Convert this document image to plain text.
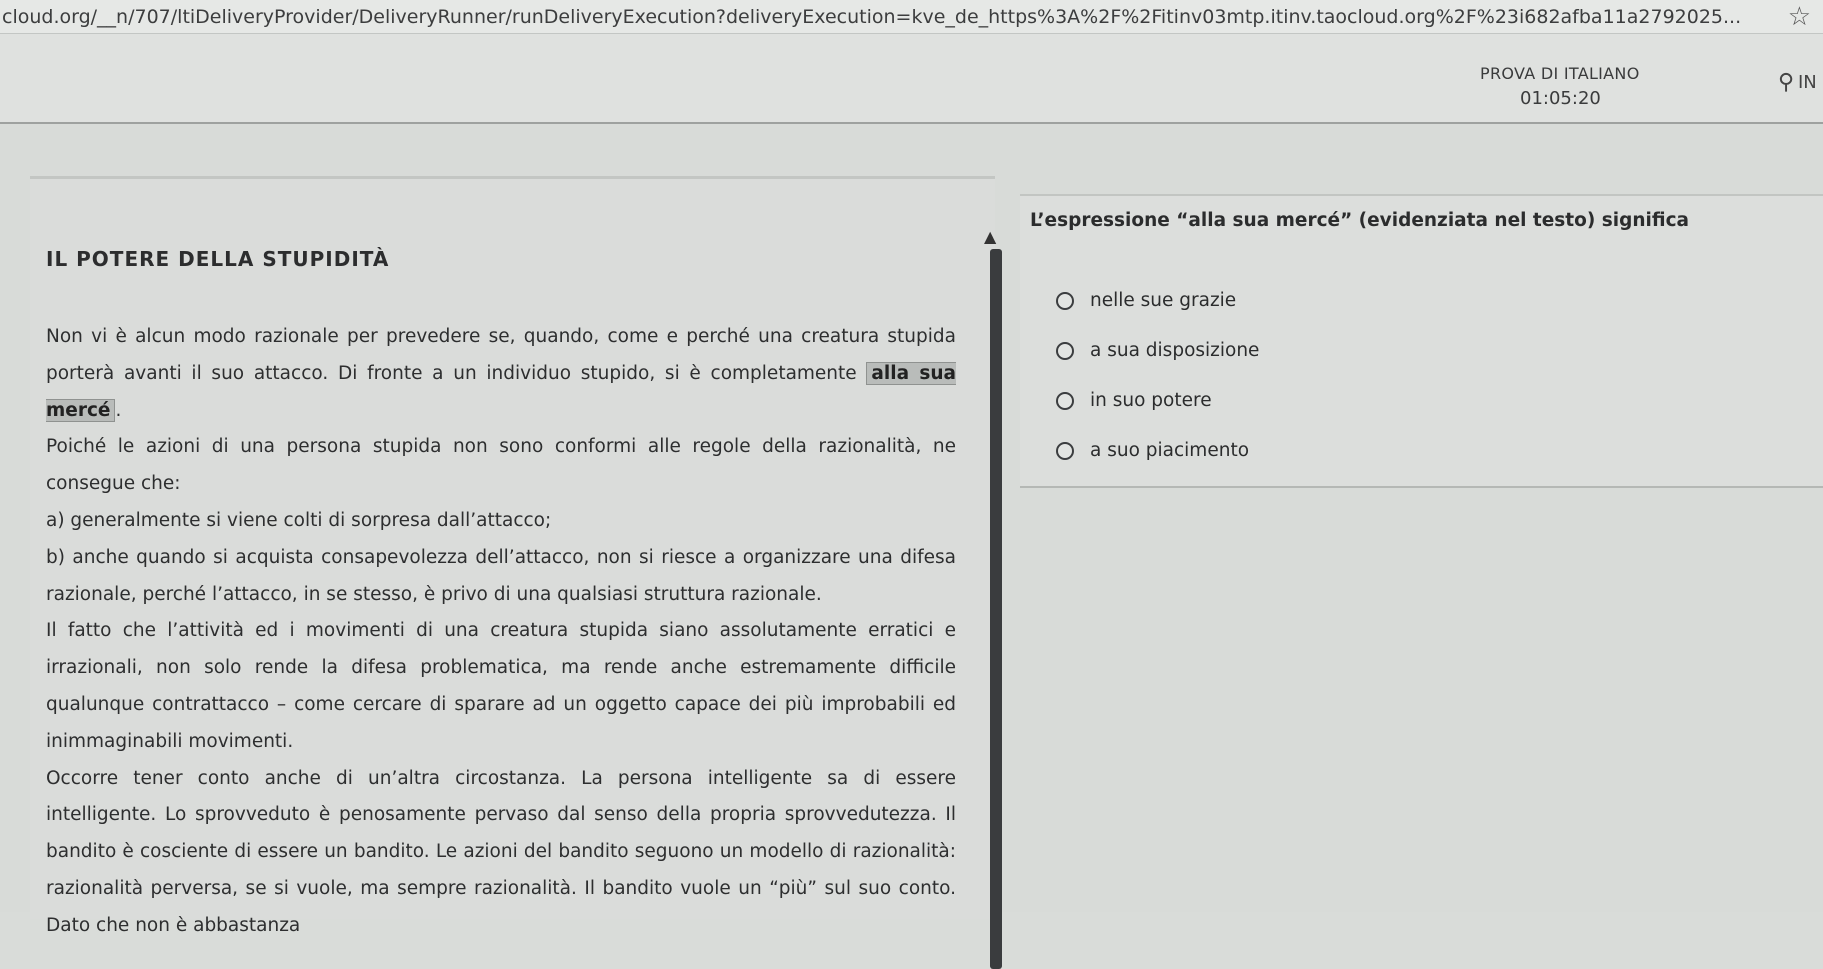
cloud.org/__n/707/ltiDeliveryProvider/DeliveryRunner/runDeliveryExecution?deliveryExecution=kve_de_https%3A%2F%2Fitinv03mtp.itinv.taocloud.org%2F%23i682afba11a2792025...	☆
PROVA DI ITALIANO
01:05:20
⚲ IN
IL POTERE DELLA STUPIDITÀ

Non vi è alcun modo razionale per prevedere se, quando, come e perché una creatura stupida porterà avanti il suo attacco. Di fronte a un individuo stupido, si è completamente alla sua mercé .

Poiché le azioni di una persona stupida non sono conformi alle regole della razionalità, ne consegue che:

a) generalmente si viene colti di sorpresa dall’attacco;

b) anche quando si acquista consapevolezza dell’attacco, non si riesce a organizzare una difesa razionale, perché l’attacco, in se stesso, è privo di una qualsiasi struttura razionale.

Il fatto che l’attività ed i movimenti di una creatura stupida siano assolutamente erratici e irrazionali, non solo rende la difesa problematica, ma rende anche estremamente difficile qualunque contrattacco – come cercare di sparare ad un oggetto capace dei più improbabili ed inimmaginabili movimenti.

Occorre tener conto anche di un’altra circostanza. La persona intelligente sa di essere intelligente. Lo sprovveduto è penosamente pervaso dal senso della propria sprovvedutezza. Il bandito è cosciente di essere un bandito. Le azioni del bandito seguono un modello di razionalità: razionalità perversa, se si vuole, ma sempre razionalità. Il bandito vuole un “più” sul suo conto. Dato che non è abbastanza

▲
L’espressione “alla sua mercé” (evidenziata nel testo) significa
nelle sue grazie
a sua disposizione
in suo potere
a suo piacimento
